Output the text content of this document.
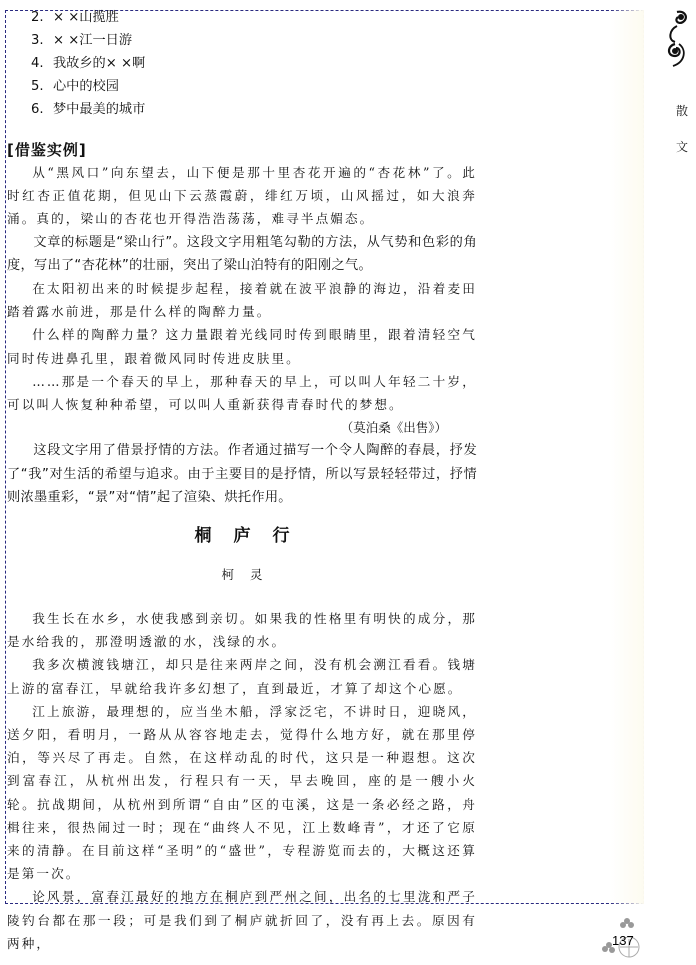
2. × ×山揽胜
3. × ×江一日游
4. 我故乡的× ×啊
5. 心中的校园
6. 梦中最美的城市
[借鉴实例]

从“黑风口”向东望去，山下便是那十里杏花开遍的“杏花林”了。此时红杏正值花期，但见山下云蒸霞蔚，绯红万顷，山风摇过，如大浪奔涌。真的，梁山的杏花也开得浩浩荡荡，难寻半点媚态。

文章的标题是“梁山行”。这段文字用粗笔勾勒的方法，从气势和色彩的角度，写出了“杏花林”的壮丽，突出了梁山泊特有的阳刚之气。

在太阳初出来的时候提步起程，接着就在波平浪静的海边，沿着麦田踏着露水前进，那是什么样的陶醉力量。

什么样的陶醉力量？这力量跟着光线同时传到眼睛里，跟着清轻空气同时传进鼻孔里，跟着微风同时传进皮肤里。

……那是一个春天的早上，那种春天的早上，可以叫人年轻二十岁，可以叫人恢复种种希望，可以叫人重新获得青春时代的梦想。

（莫泊桑《出售》）

这段文字用了借景抒情的方法。作者通过描写一个令人陶醉的春晨，抒发了“我”对生活的希望与追求。由于主要目的是抒情，所以写景轻轻带过，抒情则浓墨重彩，“景”对“情”起了渲染、烘托作用。

桐庐行
柯灵

我生长在水乡，水使我感到亲切。如果我的性格里有明快的成分，那是水给我的，那澄明透澈的水，浅绿的水。

我多次横渡钱塘江，却只是往来两岸之间，没有机会溯江看看。钱塘上游的富春江，早就给我许多幻想了，直到最近，才算了却这个心愿。

江上旅游，最理想的，应当坐木船，浮家泛宅，不讲时日，迎晓风，送夕阳，看明月，一路从从容容地走去，觉得什么地方好，就在那里停泊，等兴尽了再走。自然，在这样动乱的时代，这只是一种遐想。这次到富春江，从杭州出发，行程只有一天，早去晚回，座的是一艘小火轮。抗战期间，从杭州到所谓“自由”区的屯溪，这是一条必经之路，舟楫往来，很热闹过一时；现在“曲终人不见，江上数峰青”，才还了它原来的清静。在目前这样“圣明”的“盛世”，专程游览而去的，大概这还算是第一次。

论风景，富春江最好的地方在桐庐到严州之间，出名的七里泷和严子陵钓台都在那一段；可是我们到了桐庐就折回了，没有再上去。原因有两种，

散
文
137
